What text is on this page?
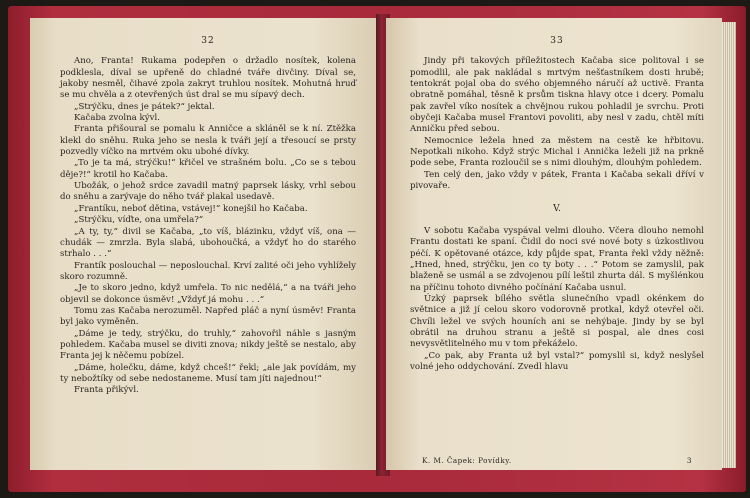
32

Ano, Franta! Rukama podepřen o držadlo nosítek, kolena podklesla, díval se upřeně do chladné tváře divčiny. Díval se, jakoby nesměl, čihavé zpola zakryt truhlou nosítek. Mohutná hruď se mu chvěla a z otevřených úst dral se mu sípavý dech.

„Strýčku, dnes je pátek?“ jektal.

Kačaba zvolna kývl.

Franta přišoural se pomalu k Anničce a skláněl se k ní. Ztěžka klekl do sněhu. Ruka jeho se nesla k tváři její a třesoucí se prsty pozvedly víčko na mrtvém oku ubohé dívky.

„To je ta má, strýčku!“ křičel ve strašném bolu. „Co se s tebou děje?!“ krotil ho Kačaba.

Ubožák, o jehož srdce zavadil matný paprsek lásky, vrhl sebou do sněhu a zarývaje do něho tvář plakal usedavě.

„Frantíku, neboť dětina, vstávej!“ konejšil ho Kačaba.

„Strýčku, víďte, ona umřela?“

„A ty, ty,“ divil se Kačaba, „to víš, blázinku, vždyť víš, ona — chudák — zmrzla. Byla slabá, ubohoučká, a vždyť ho do starého strhalo . . .“

Frantík poslouchal — neposlouchal. Krví zalité oči jeho vyhlížely skoro rozumně.

„Je to skoro jedno, když umřela. To nic nedělá,“ a na tváři jeho objevil se dokonce úsměv! „Vždyť já mohu . . .“

Tomu zas Kačaba nerozuměl. Napřed pláč a nyní úsměv! Franta byl jako vyměněn.

„Dáme je tedy, strýčku, do truhly,“ zahovořil náhle s jasným pohledem. Kačaba musel se diviti znova; nikdy ještě se nestalo, aby Franta jej k něčemu pobízel.

„Dáme, holečku, dáme, když chceš!“ řekl; „ale jak povídám, my ty nebožtíky od sebe nedostaneme. Musí tam jíti najednou!“

Franta přikývl.

33

Jindy při takových příležitostech Kačaba sice politoval i se pomodlil, ale pak nakládal s mrtvým nešťastníkem dosti hrubě; tentokrát pojal oba do svého objemného náručí až uctivě. Franta obratně pomáhal, těsně k prsům tiskna hlavy otce i dcery. Pomalu pak zavřel víko nosítek a chvějnou rukou pohladil je svrchu. Proti obyčeji Kačaba musel Frantovi povoliti, aby nesl v zadu, chtěl míti Anničku před sebou.

Nemocnice ležela hned za městem na cestě ke hřbitovu. Nepotkali nikoho. Když strýc Michal i Annička leželi již na prkně pode sebe, Franta rozloučil se s nimi dlouhým, dlouhým pohledem.

Ten celý den, jako vždy v pátek, Franta i Kačaba sekali dříví v pivovaře.

V.

V sobotu Kačaba vyspával velmi dlouho. Včera dlouho nemohl Frantu dostati ke spaní. Čidil do noci své nové boty s úzkostlivou péčí. K opětované otázce, kdy půjde spat, Franta řekl vždy něžně: „Hned, hned, strýčku, jen co ty boty . . .“ Potom se zamyslil, pak blaženě se usmál a se zdvojenou pílí leštil zhurta dál. S myšlénkou na příčinu tohoto divného počínání Kačaba usnul.

Úzký paprsek bílého světla slunečního vpadl okénkem do světnice a již jí celou skoro vodorovně protkal, když otevřel oči. Chvíli ležel ve svých houních ani se nehýbaje. Jindy by se byl obrátil na druhou stranu a ještě si pospal, ale dnes cosi nevysvětlitelného mu v tom překáželo.

„Co pak, aby Franta už byl vstal?“ pomyslil si, když neslyšel volné jeho oddychování. Zvedl hlavu

K. M. Čapek: Povídky.	3
